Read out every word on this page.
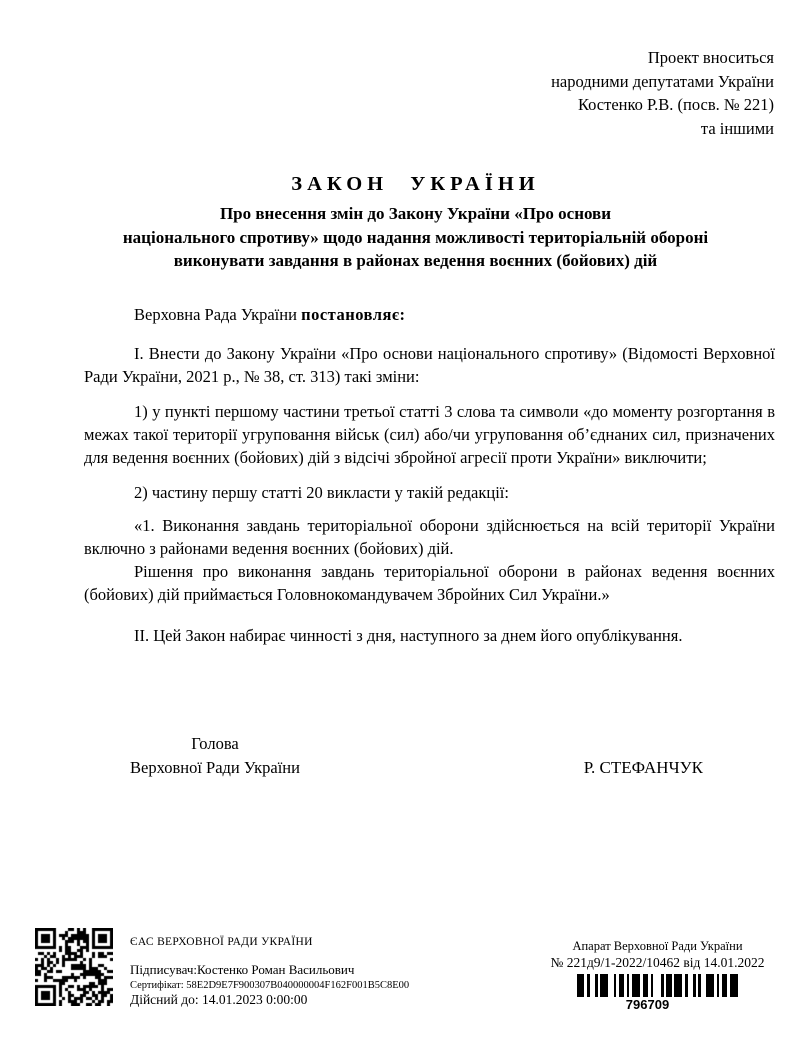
Проект вноситься
народними депутатами України
Костенко Р.В. (посв. № 221)
та іншими
ЗАКОН УКРАЇНИ
Про внесення змін до Закону України «Про основи
національного спротиву» щодо надання можливості територіальній обороні
виконувати завдання в районах ведення воєнних (бойових) дій

Верховна Рада України постановляє:

І. Внести до Закону України «Про основи національного спротиву» (Відомості Верховної Ради України, 2021 р., № 38, ст. 313) такі зміни:

1) у пункті першому частини третьої статті 3 слова та символи «до моменту розгортання в межах такої території угруповання військ (сил) або/чи угруповання об’єднаних сил, призначених для ведення воєнних (бойових) дій з відсічі збройної агресії проти України» виключити;

2) частину першу статті 20 викласти у такій редакції:

«1. Виконання завдань територіальної оборони здійснюється на всій території України включно з районами ведення воєнних (бойових) дій.

Рішення про виконання завдань територіальної оборони в районах ведення воєнних (бойових) дій приймається Головнокомандувачем Збройних Сил України.»

ІІ. Цей Закон набирає чинності з дня, наступного за днем його опублікування.

Голова
Верховної Ради України	Р. СТЕФАНЧУК
ЄАС ВЕРХОВНОЇ РАДИ УКРАЇНИ
Підписувач:Костенко Роман Васильович
Сертифікат: 58E2D9E7F900307B040000004F162F001B5C8E00
Дійсний до: 14.01.2023 0:00:00
Апарат Верховної Ради України
№ 221д9/1-2022/10462 від 14.01.2022
796709
